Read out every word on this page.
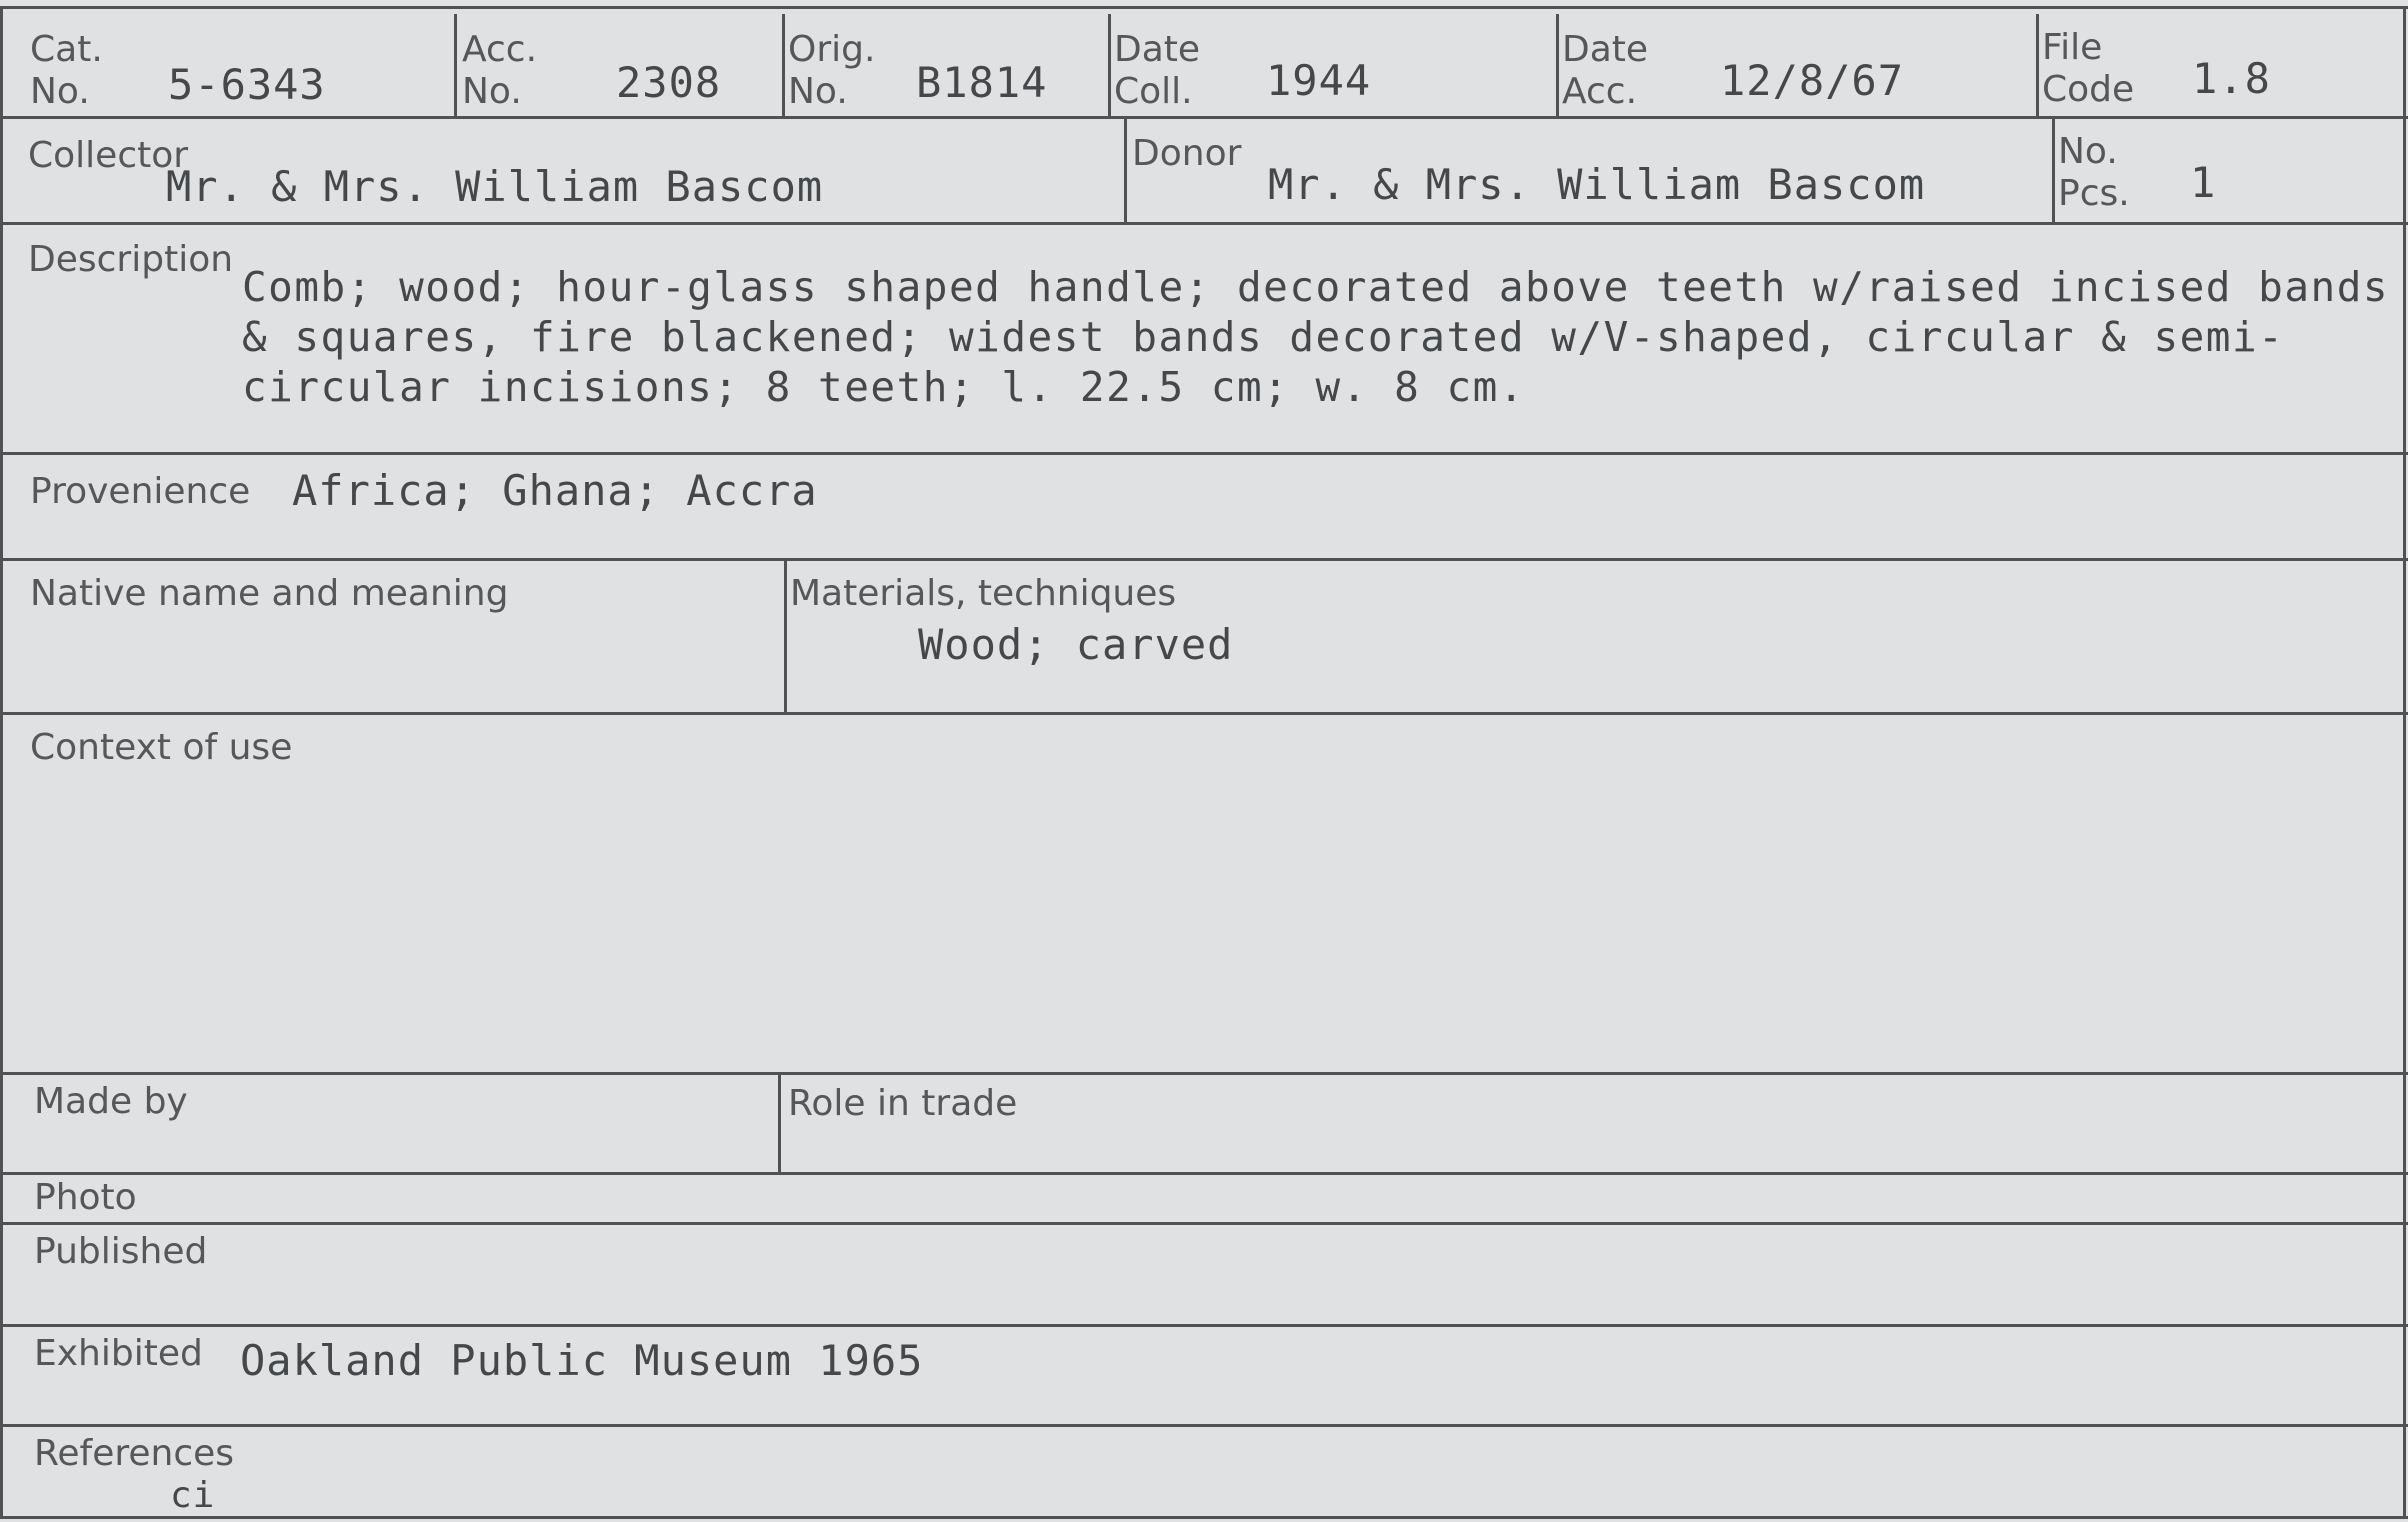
Cat.
No. 5-6343
Acc.
No. 2308
Orig.
No. B1814
Date
Coll. 1944
Date
Acc. 12/8/67
File
Code 1.8
Collector
Mr. & Mrs. William Bascom
Donor
Mr. & Mrs. William Bascom
No.
Pcs. 1
Description
Comb; wood; hour-glass shaped handle; decorated above teeth w/raised incised bands
& squares, fire blackened; widest bands decorated w/V-shaped, circular & semi-
circular incisions; 8 teeth; l. 22.5 cm; w. 8 cm.
Provenience Africa; Ghana; Accra
Native name and meaning	Materials, techniques
Wood; carved
Context of use
Made by	Role in trade
Photo
Published
Exhibited Oakland Public Museum 1965
References
ci
